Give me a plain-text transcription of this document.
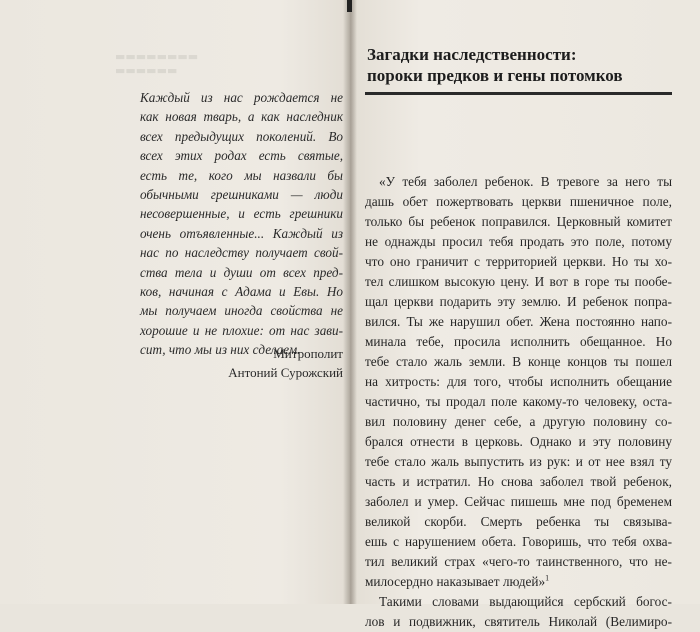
▬▬▬▬▬▬▬▬
▬▬▬▬▬▬
Каждый из нас рождается не
как новая тварь, а как наследник
всех предыдущих поколений. Во
всех этих родах есть святые,
есть те, кого мы назвали бы
обычными грешниками — люди
несовершенные, и есть грешники
очень отъявленные... Каждый из
нас по наследству получает свой-
ства тела и души от всех пред-
ков, начиная с Адама и Евы. Но
мы получаем иногда свойства не
хорошие и не плохие: от нас зави-
сит, что мы из них сделаем.
Митрополит
Антоний Сурожский
Загадки наследственности:
пороки предков и гены потомков
«У тебя заболел ребенок. В тревоге за него ты
дашь обет пожертвовать церкви пшеничное поле,
только бы ребенок поправился. Церковный комитет
не однажды просил тебя продать это поле, потому
что оно граничит с территорией церкви. Но ты хо-
тел слишком высокую цену. И вот в горе ты пообе-
щал церкви подарить эту землю. И ребенок попра-
вился. Ты же нарушил обет. Жена постоянно напо-
минала тебе, просила исполнить обещанное. Но
тебе стало жаль земли. В конце концов ты пошел
на хитрость: для того, чтобы исполнить обещание
частично, ты продал поле какому-то человеку, оста-
вил половину денег себе, а другую половину со-
брался отнести в церковь. Однако и эту половину
тебе стало жаль выпустить из рук: и от нее взял ту
часть и истратил. Но снова заболел твой ребенок,
заболел и умер. Сейчас пишешь мне под бременем
великой скорби. Смерть ребенка ты связыва-
ешь с нарушением обета. Говоришь, что тебя охва-
тил великий страх «чего-то таинственного, что не-
милосердно наказывает людей»$^1$
Такими словами выдающийся сербский богос-
лов и подвижник, святитель Николай (Велимиро-
